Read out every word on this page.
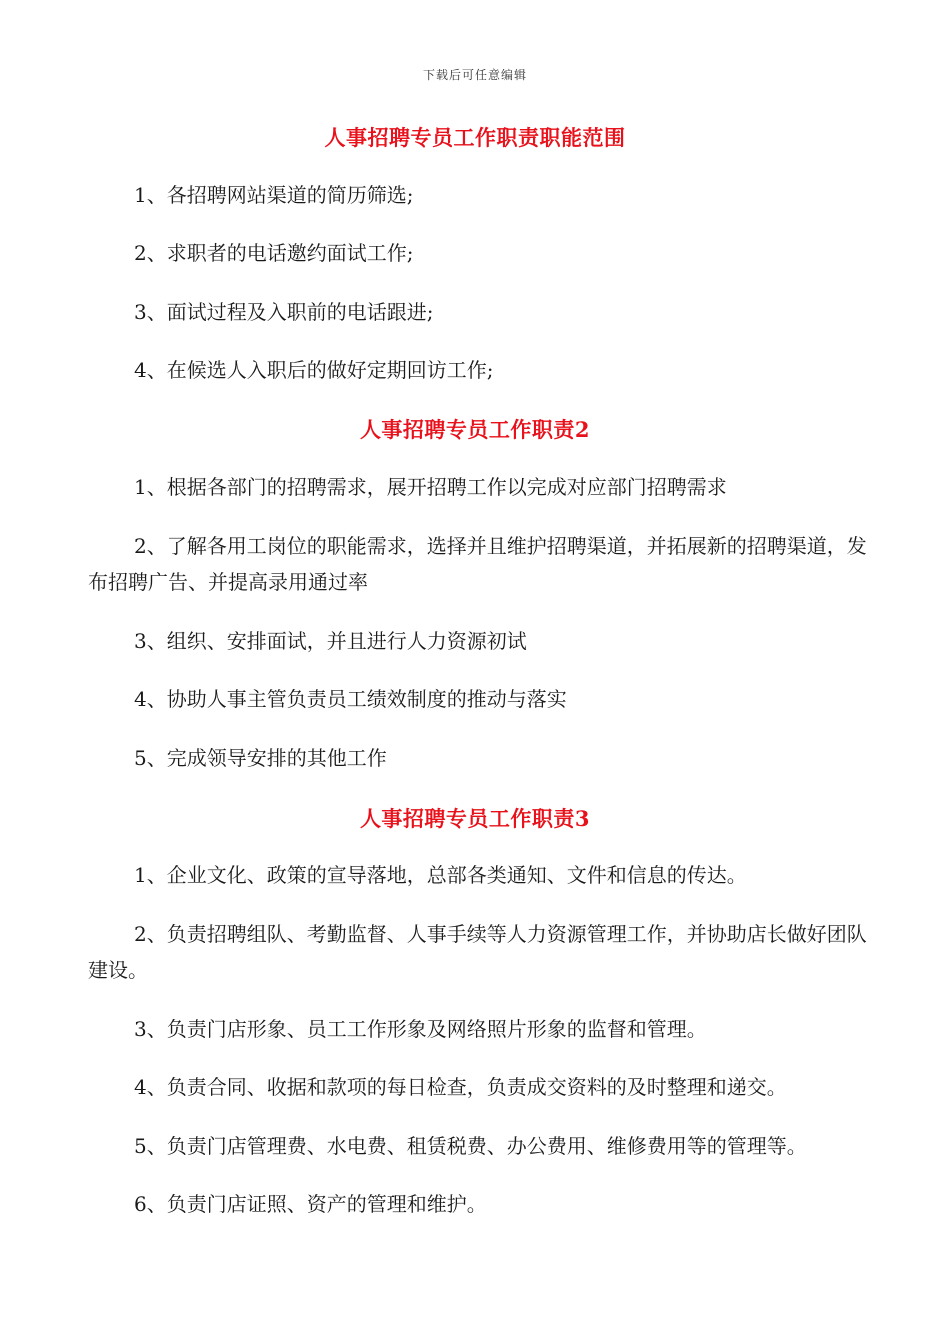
下载后可任意编辑
人事招聘专员工作职责职能范围
1、各招聘网站渠道的简历筛选;
2、求职者的电话邀约面试工作;
3、面试过程及入职前的电话跟进;
4、在候选人入职后的做好定期回访工作;
人事招聘专员工作职责2
1、根据各部门的招聘需求，展开招聘工作以完成对应部门招聘需求
2、了解各用工岗位的职能需求，选择并且维护招聘渠道，并拓展新的招聘渠道，发布招聘广告、并提高录用通过率
3、组织、安排面试，并且进行人力资源初试
4、协助人事主管负责员工绩效制度的推动与落实
5、完成领导安排的其他工作
人事招聘专员工作职责3
1、企业文化、政策的宣导落地，总部各类通知、文件和信息的传达。
2、负责招聘组队、考勤监督、人事手续等人力资源管理工作，并协助店长做好团队建设。
3、负责门店形象、员工工作形象及网络照片形象的监督和管理。
4、负责合同、收据和款项的每日检查，负责成交资料的及时整理和递交。
5、负责门店管理费、水电费、租赁税费、办公费用、维修费用等的管理等。
6、负责门店证照、资产的管理和维护。
